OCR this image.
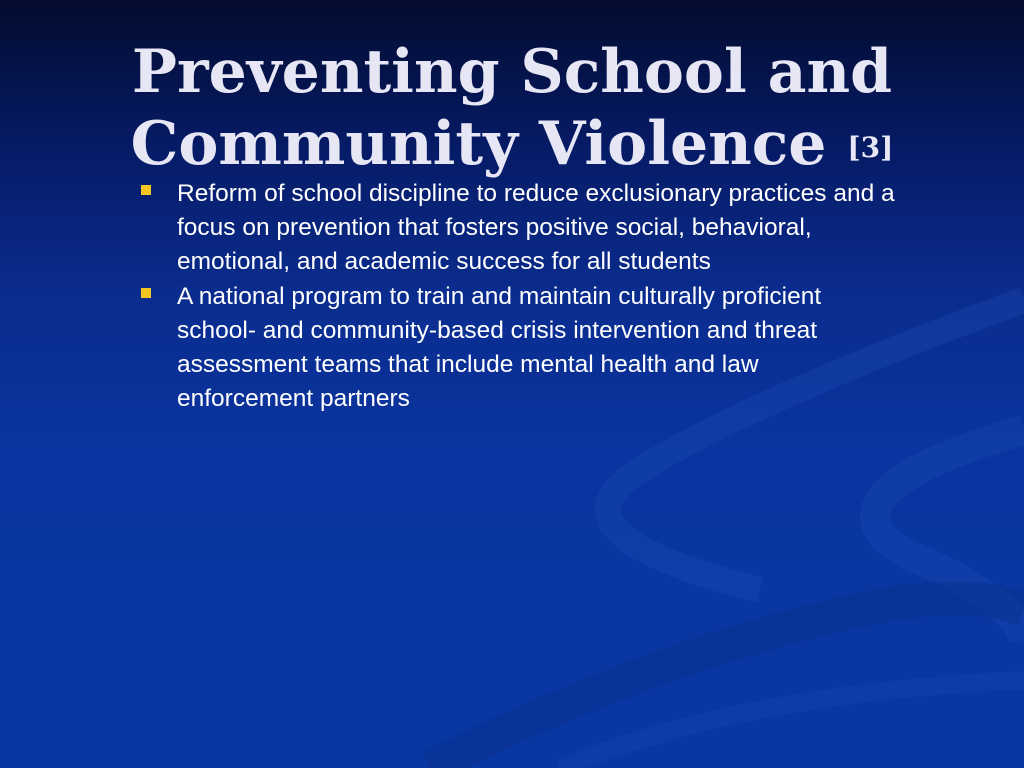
Preventing School and Community Violence [3]
Reform of school discipline to reduce exclusionary practices and a focus on prevention that fosters positive social, behavioral, emotional, and academic success for all students
A national program to train and maintain culturally proficient school- and community-based crisis intervention and threat assessment teams that include mental health and law enforcement partners
